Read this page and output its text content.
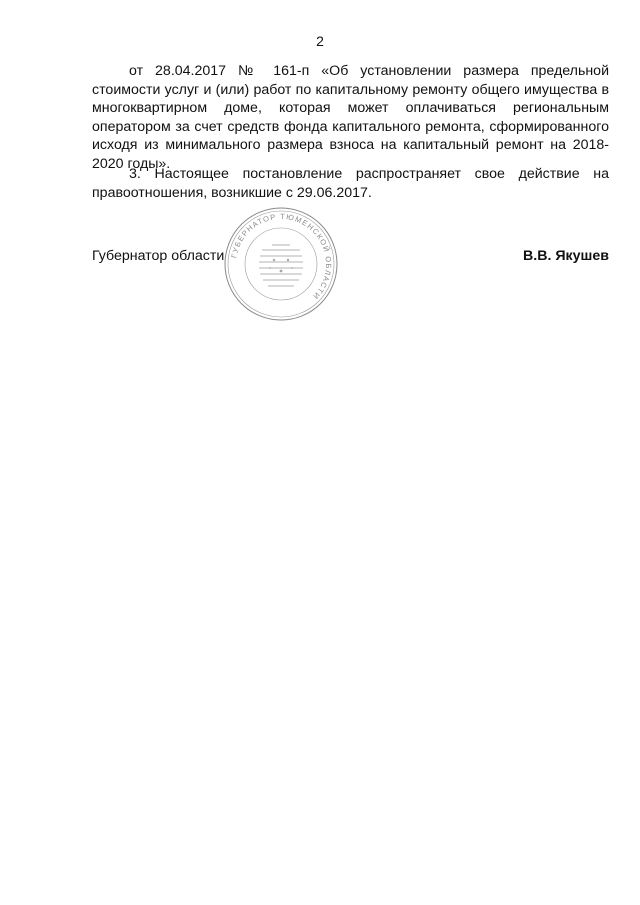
2
от 28.04.2017 № 161-п «Об установлении размера предельной стоимости услуг и (или) работ по капитальному ремонту общего имущества в многоквартирном доме, которая может оплачиваться региональным оператором за счет средств фонда капитального ремонта, сформированного исходя из минимального размера взноса на капитальный ремонт на 2018-2020 годы».
3. Настоящее постановление распространяет свое действие на правоотношения, возникшие с 29.06.2017.
ГУБЕРНАТОР ТЮМЕНСКОЙ ОБЛАСТИ
Губернатор области	В.В. Якушев
